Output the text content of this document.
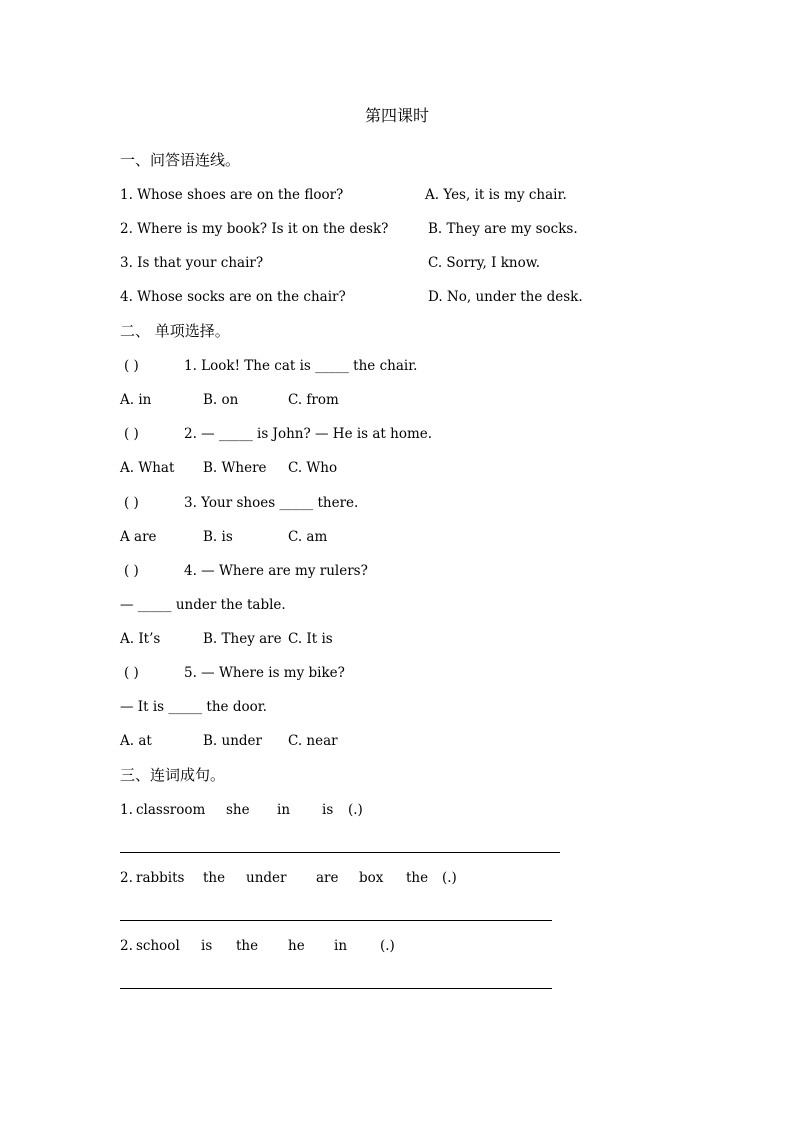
第四课时
一、问答语连线。
1. Whose shoes are on the floor?	A. Yes, it is my chair.
2. Where is my book? Is it on the desk?	B. They are my socks.
3. Is that your chair?	C. Sorry, I know.
4. Whose socks are on the chair?	D. No, under the desk.
二、 单项选择。
( )	1. Look! The cat is _____ the chair.
A. in	B. on	C. from
( )	2. — _____ is John? — He is at home.
A. What B. Where C. Who
( )	3. Your shoes _____ there.
A are	B. is	C. am
( )	4. — Where are my rulers?
— _____ under the table.
A. It’s	B. They are C. It is
( )	5. — Where is my bike?
— It is _____ the door.
A. at	B. under C. near
三、连词成句。
1. classroom she in is (.)
2. rabbits the under are box the (.)
2. school is the he in (.)
